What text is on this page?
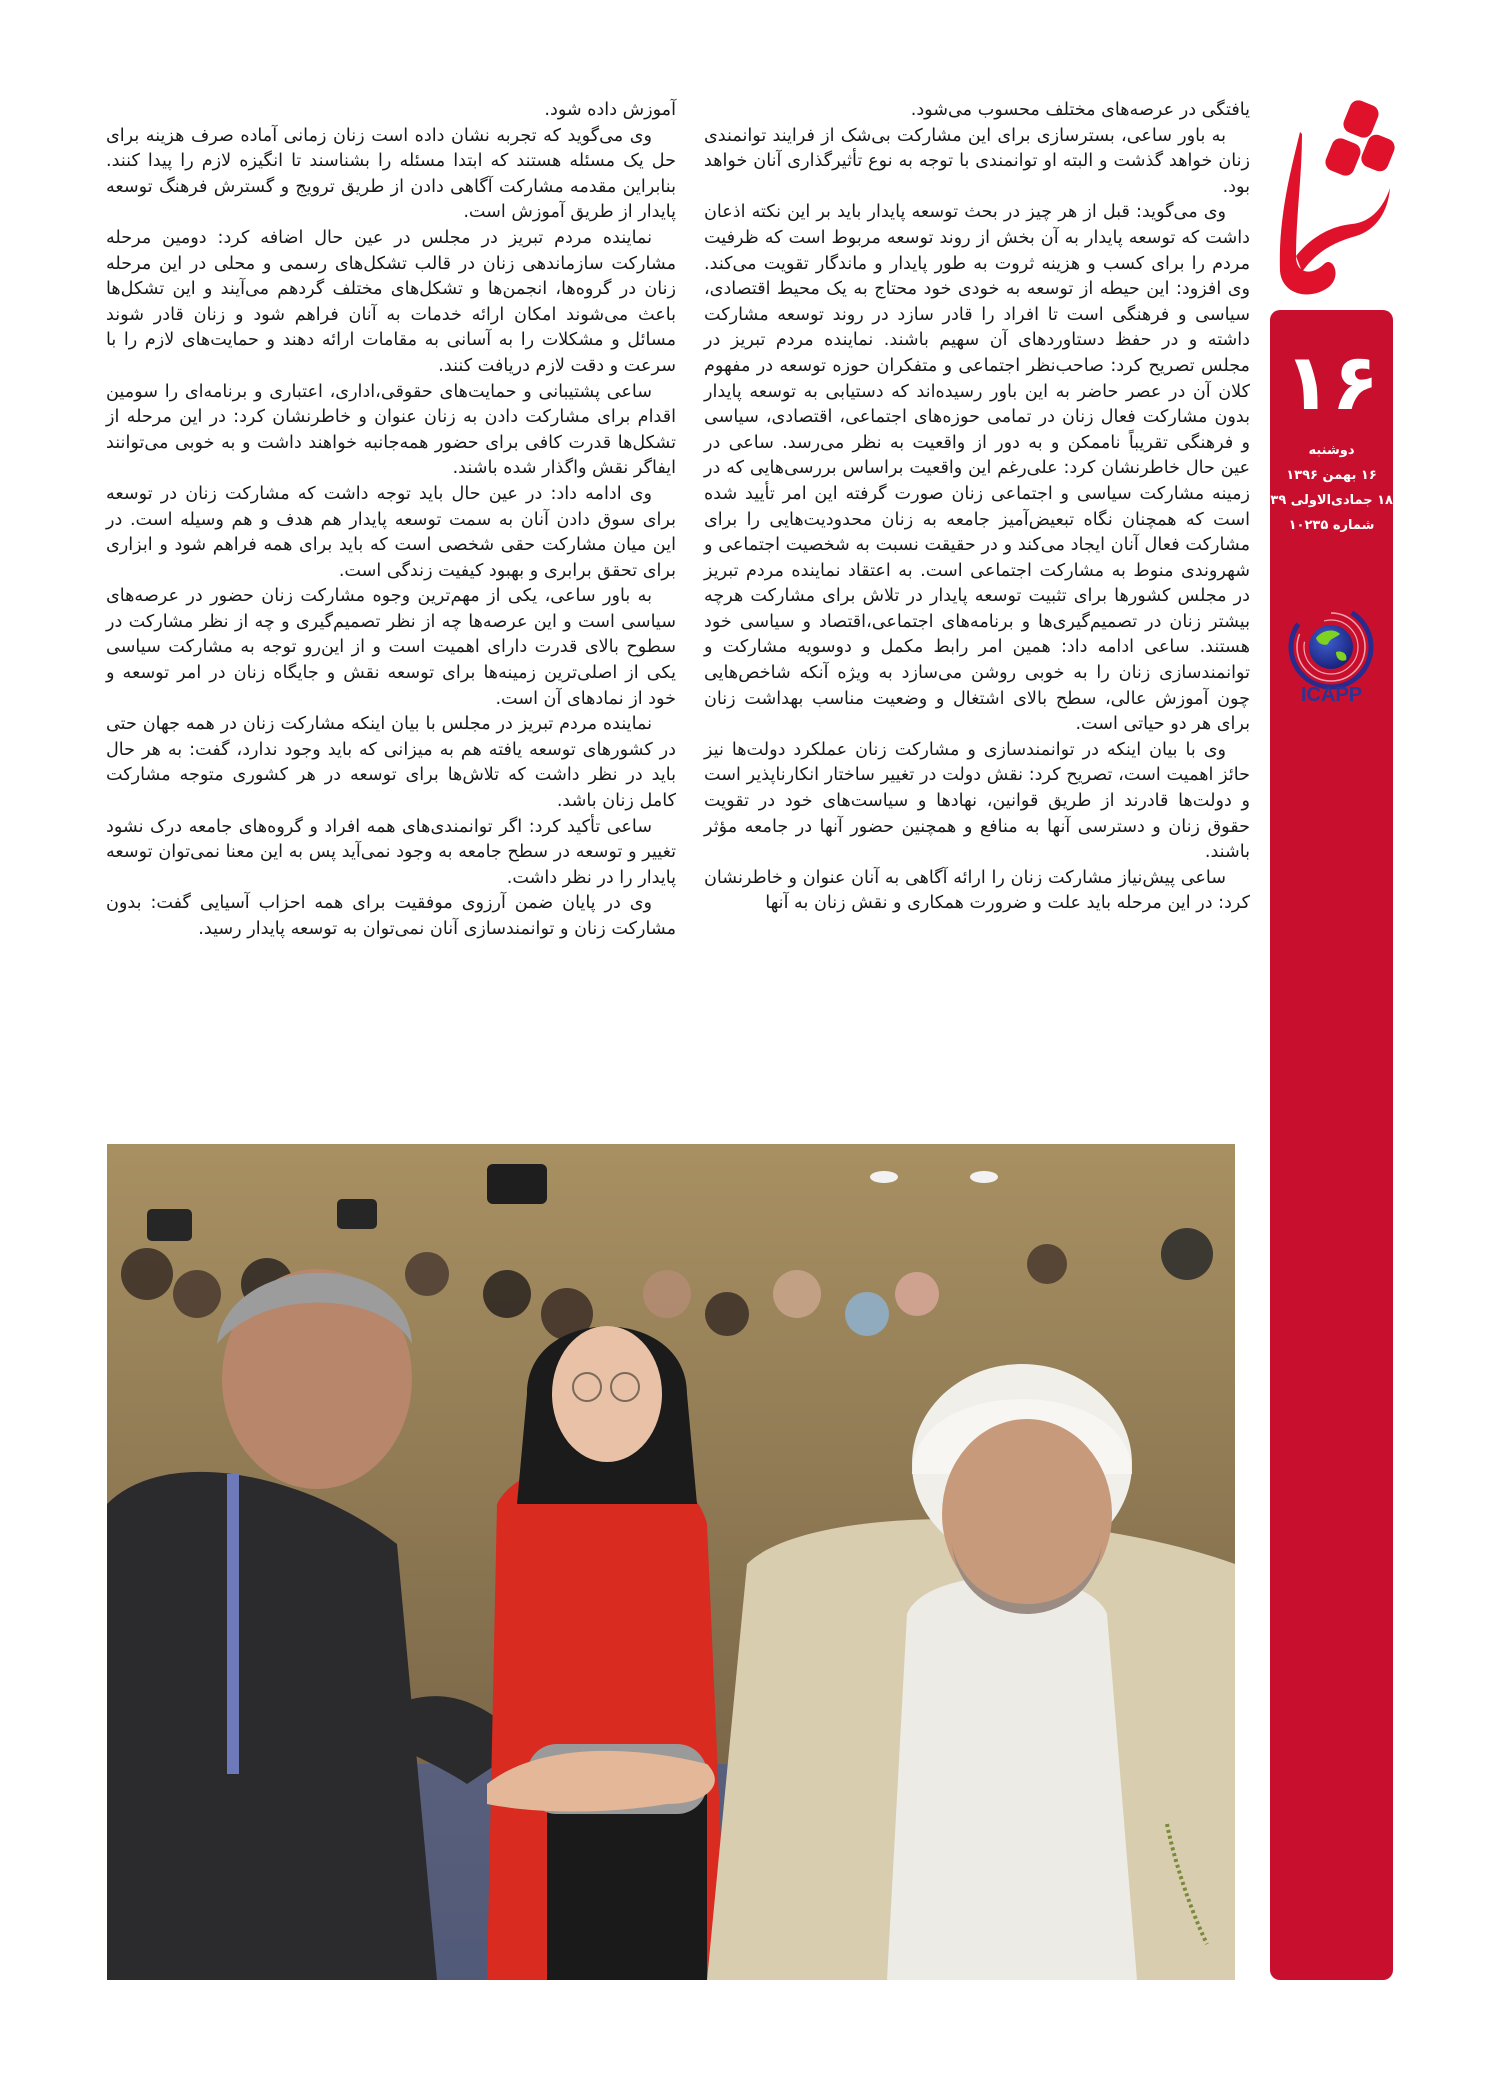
۱۶
دوشنبه
۱۶ بهمن ۱۳۹۶
۱۸ جمادی‌الاولی ۱۴۳۹
شماره ۱۰۲۳۵
ICAPP

یافتگی در عرصه‌های مختلف محسوب می‌شود.

به باور ساعی، بسترسازی برای این مشارکت بی‌شک از فرایند توانمندی زنان خواهد گذشت و البته او توانمندی با توجه به نوع تأثیرگذاری آنان خواهد بود.

وی می‌گوید: قبل از هر چیز در بحث توسعه پایدار باید بر این نکته اذعان داشت که توسعه پایدار به آن بخش از روند توسعه مربوط است که ظرفیت مردم را برای کسب و هزینه ثروت به طور پایدار و ماندگار تقویت می‌کند. وی افزود: این حیطه از توسعه به خودی خود محتاج به یک محیط اقتصادی، سیاسی و فرهنگی است تا افراد را قادر سازد در روند توسعه مشارکت داشته و در حفظ دستاوردهای آن سهیم باشند. نماینده مردم تبریز در مجلس تصریح کرد: صاحب‌نظر اجتماعی و متفکران حوزه توسعه در مفهوم کلان آن در عصر حاضر به این باور رسیده‌اند که دستیابی به توسعه پایدار بدون مشارکت فعال زنان در تمامی حوزه‌های اجتماعی، اقتصادی، سیاسی و فرهنگی تقریباً ناممکن و به دور از واقعیت به نظر می‌رسد. ساعی در عین حال خاطرنشان کرد: علی‌رغم این واقعیت براساس بررسی‌هایی که در زمینه مشارکت سیاسی و اجتماعی زنان صورت گرفته این امر تأیید شده است که همچنان نگاه تبعیض‌آمیز جامعه به زنان محدودیت‌هایی را برای مشارکت فعال آنان ایجاد می‌کند و در حقیقت نسبت به شخصیت اجتماعی و شهروندی منوط به مشارکت اجتماعی است. به اعتقاد نماینده مردم تبریز در مجلس کشورها برای تثبیت توسعه پایدار در تلاش برای مشارکت هرچه بیشتر زنان در تصمیم‌گیری‌ها و برنامه‌های اجتماعی،اقتصاد و سیاسی خود هستند. ساعی ادامه داد: همین امر رابط مکمل و دوسویه مشارکت و توانمندسازی زنان را به خوبی روشن می‌سازد به ویژه آنکه شاخص‌هایی چون آموزش عالی، سطح بالای اشتغال و وضعیت مناسب بهداشت زنان برای هر دو حیاتی است.

وی با بیان اینکه در توانمندسازی و مشارکت زنان عملکرد دولت‌ها نیز حائز اهمیت است، تصریح کرد: نقش دولت در تغییر ساختار انکارناپذیر است و دولت‌ها قادرند از طریق قوانین، نهادها و سیاست‌های خود در تقویت حقوق زنان و دسترسی آنها به منافع و همچنین حضور آنها در جامعه مؤثر باشند.

ساعی پیش‌نیاز مشارکت زنان را ارائه آگاهی به آنان عنوان و خاطرنشان کرد: در این مرحله باید علت و ضرورت همکاری و نقش زنان به آنها

آموزش داده شود.

وی می‌گوید که تجربه نشان داده است زنان زمانی آماده صرف هزینه برای حل یک مسئله هستند که ابتدا مسئله را بشناسند تا انگیزه لازم را پیدا کنند. بنابراین مقدمه مشارکت آگاهی دادن از طریق ترویج و گسترش فرهنگ توسعه پایدار از طریق آموزش است.

نماینده مردم تبریز در مجلس در عین حال اضافه کرد: دومین مرحله مشارکت سازماندهی زنان در قالب تشکل‌های رسمی و محلی در این مرحله زنان در گروه‌ها، انجمن‌ها و تشکل‌های مختلف گردهم می‌آیند و این تشکل‌ها باعث می‌شوند امکان ارائه خدمات به آنان فراهم شود و زنان قادر شوند مسائل و مشکلات را به آسانی به مقامات ارائه دهند و حمایت‌های لازم را با سرعت و دقت لازم دریافت کنند.

ساعی پشتیبانی و حمایت‌های حقوقی،اداری، اعتباری و برنامه‌ای را سومین اقدام برای مشارکت دادن به زنان عنوان و خاطرنشان کرد: در این مرحله از تشکل‌ها قدرت کافی برای حضور همه‌جانبه خواهند داشت و به خوبی می‌توانند ایفاگر نقش واگذار شده باشند.

وی ادامه داد: در عین حال باید توجه داشت که مشارکت زنان در توسعه برای سوق دادن آنان به سمت توسعه پایدار هم هدف و هم وسیله است. در این میان مشارکت حقی شخصی است که باید برای همه فراهم شود و ابزاری برای تحقق برابری و بهبود کیفیت زندگی است.

به باور ساعی، یکی از مهم‌ترین وجوه مشارکت زنان حضور در عرصه‌های سیاسی است و این عرصه‌ها چه از نظر تصمیم‌گیری و چه از نظر مشارکت در سطوح بالای قدرت دارای اهمیت است و از این‌رو توجه به مشارکت سیاسی یکی از اصلی‌ترین زمینه‌ها برای توسعه نقش و جایگاه زنان در امر توسعه و خود از نمادهای آن است.

نماینده مردم تبریز در مجلس با بیان اینکه مشارکت زنان در همه جهان حتی در کشورهای توسعه یافته هم به میزانی که باید وجود ندارد، گفت: به هر حال باید در نظر داشت که تلاش‌ها برای توسعه در هر کشوری متوجه مشارکت کامل زنان باشد.

ساعی تأکید کرد: اگر توانمندی‌های همه افراد و گروه‌های جامعه درک نشود تغییر و توسعه در سطح جامعه به وجود نمی‌آید پس به این معنا نمی‌توان توسعه پایدار را در نظر داشت.

وی در پایان ضمن آرزوی موفقیت برای همه احزاب آسیایی گفت: بدون مشارکت زنان و توانمندسازی آنان نمی‌توان به توسعه پایدار رسید.
